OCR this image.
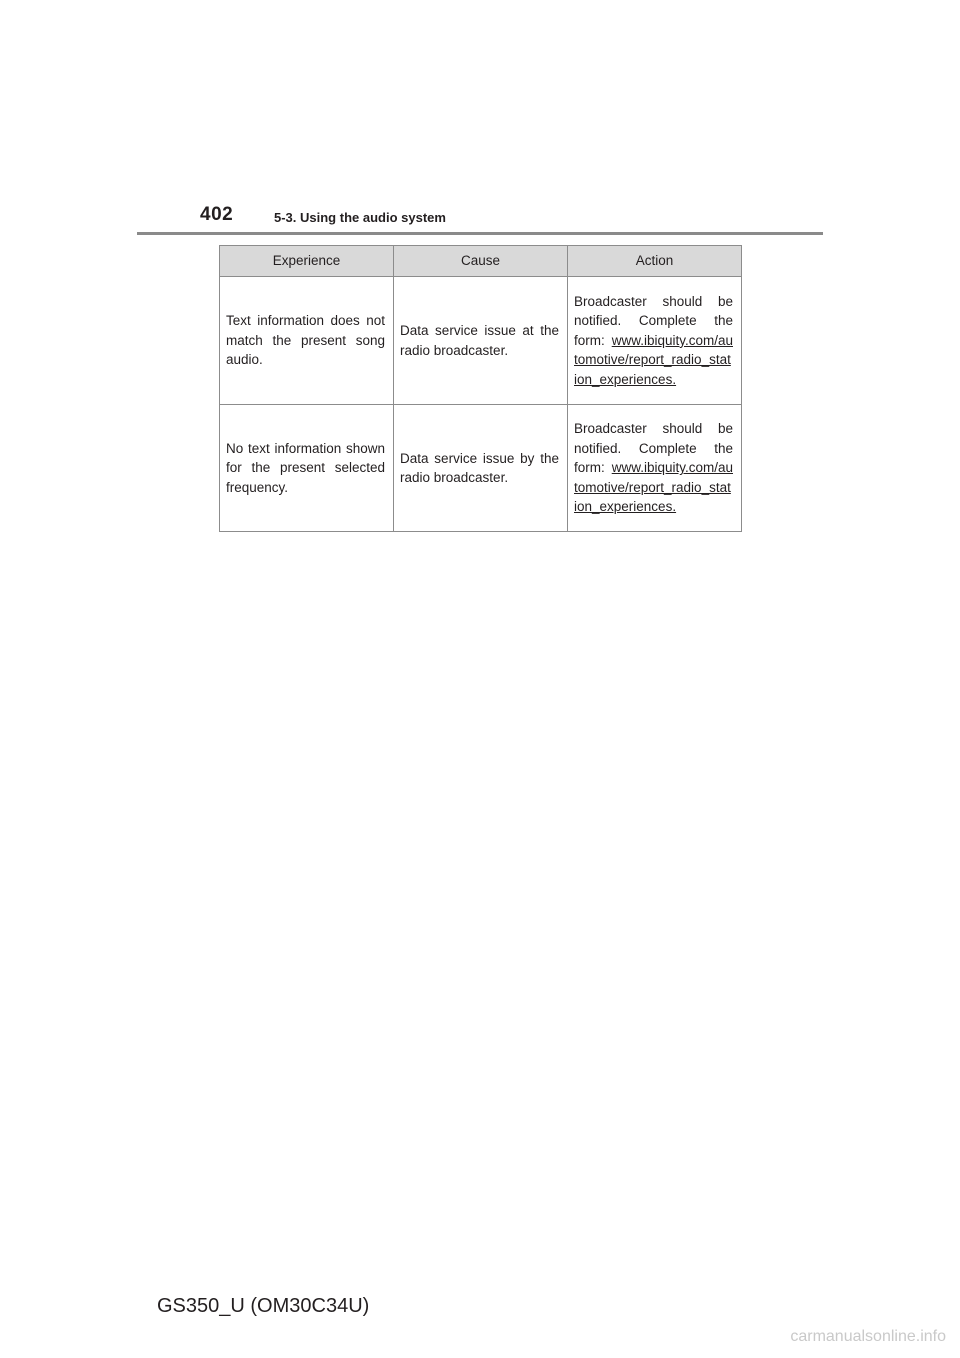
402	5-3. Using the audio system
Experience	Cause	Action
Text information does not match the present song audio.	Data service issue at the radio broadcaster.	Broadcaster should be notified. Complete the form: www.ibiquity.com/automotive/report_radio_station_experiences.
No text information shown for the present selected frequency.	Data service issue by the radio broadcaster.	Broadcaster should be notified. Complete the form: www.ibiquity.com/automotive/report_radio_station_experiences.
GS350_U (OM30C34U)
carmanualsonline.info
